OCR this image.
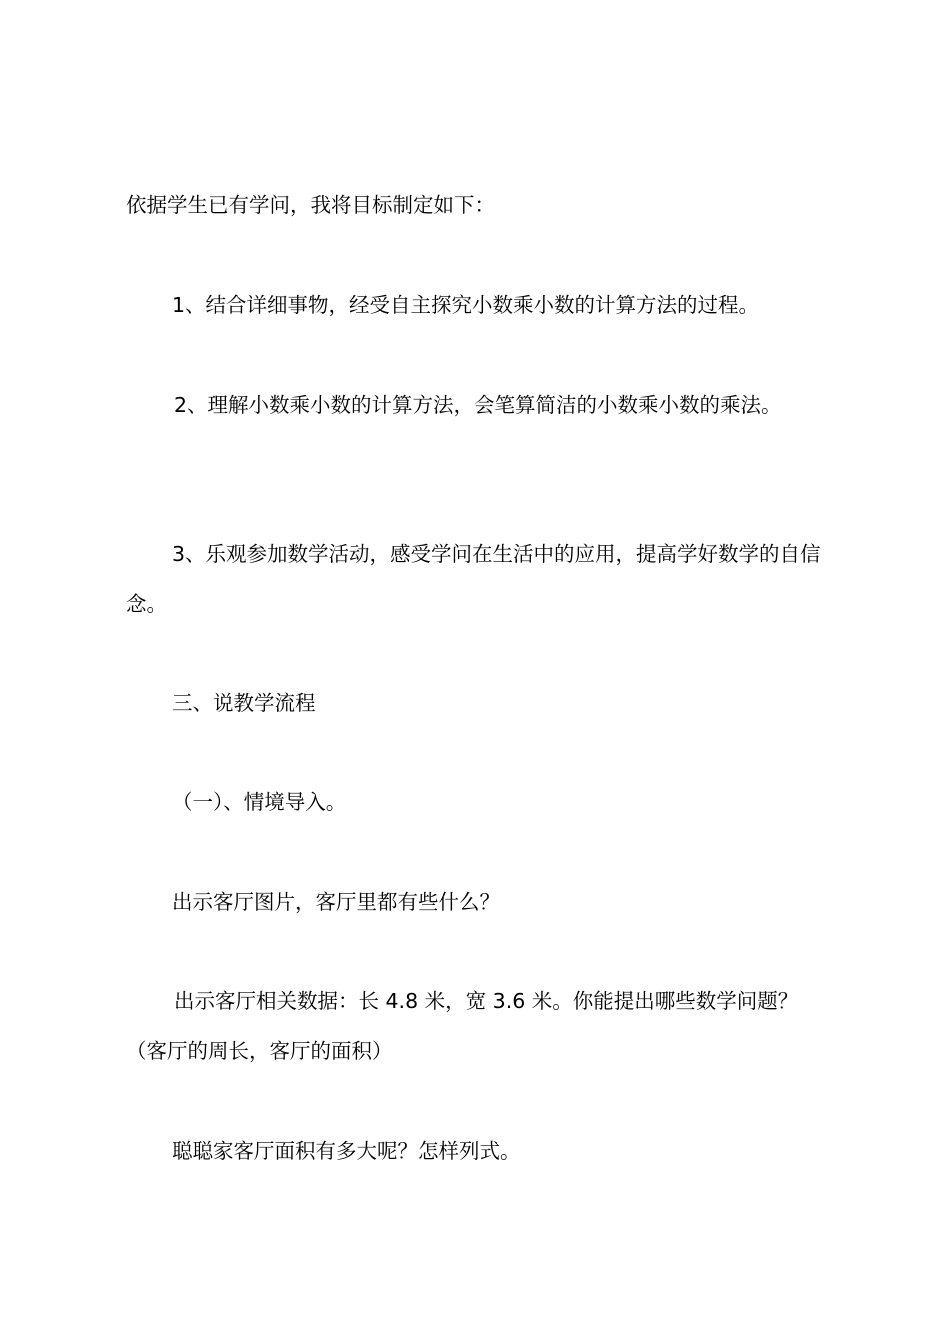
依据学生已有学问，我将目标制定如下：

1、结合详细事物，经受自主探究小数乘小数的计算方法的过程。

2、理解小数乘小数的计算方法，会笔算简洁的小数乘小数的乘法。

3、乐观参加数学活动，感受学问在生活中的应用，提高学好数学的自信念。

三、说教学流程

（一）、情境导入。

出示客厅图片，客厅里都有些什么？

出示客厅相关数据：长 4.8 米，宽 3.6 米。你能提出哪些数学问题？（客厅的周长，客厅的面积）

聪聪家客厅面积有多大呢？怎样列式。
